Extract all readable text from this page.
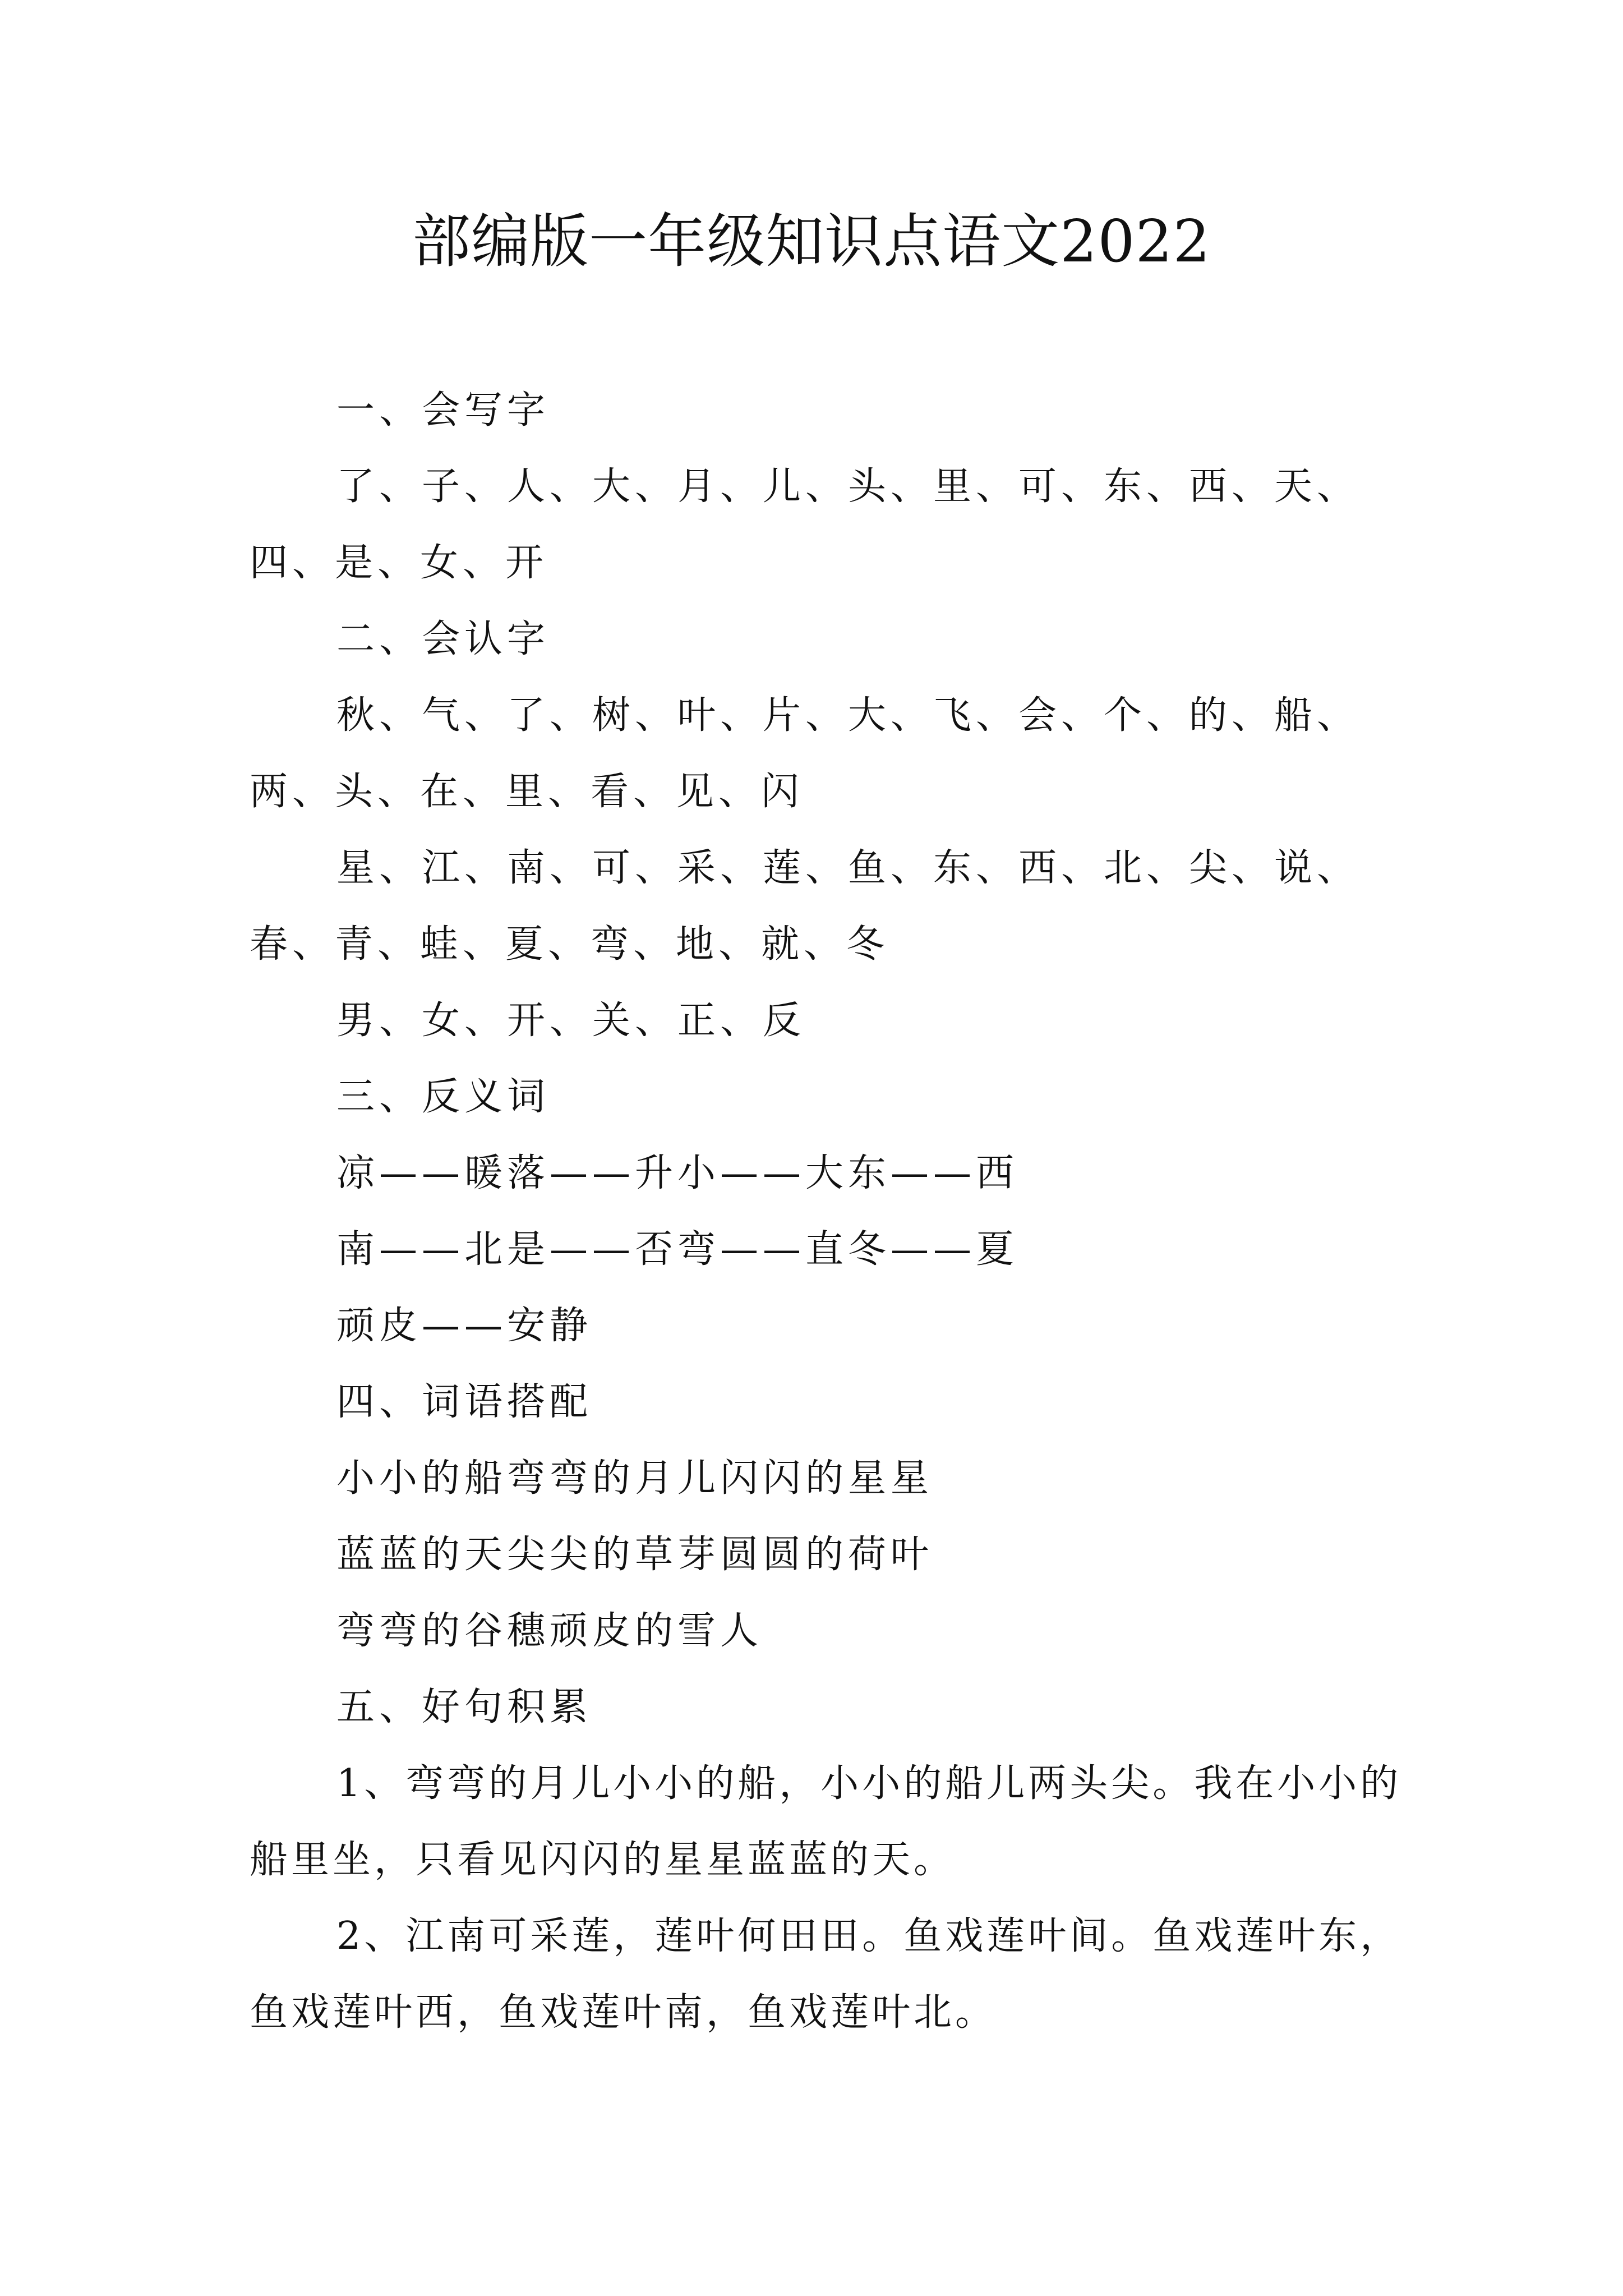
部编版一年级知识点语文2022

一、会写字

了、子、人、大、月、儿、头、里、可、东、西、天、四、是、女、开

二、会认字

秋、气、了、树、叶、片、大、飞、会、个、的、船、两、头、在、里、看、见、闪

星、江、南、可、采、莲、鱼、东、西、北、尖、说、春、青、蛙、夏、弯、地、就、冬

男、女、开、关、正、反

三、反义词

凉——暖落——升小——大东——西

南——北是——否弯——直冬——夏

顽皮——安静

四、词语搭配

小小的船弯弯的月儿闪闪的星星

蓝蓝的天尖尖的草芽圆圆的荷叶

弯弯的谷穗顽皮的雪人

五、好句积累

1、弯弯的月儿小小的船，小小的船儿两头尖。我在小小的船里坐，只看见闪闪的星星蓝蓝的天。

2、江南可采莲，莲叶何田田。鱼戏莲叶间。鱼戏莲叶东，鱼戏莲叶西，鱼戏莲叶南，鱼戏莲叶北。
